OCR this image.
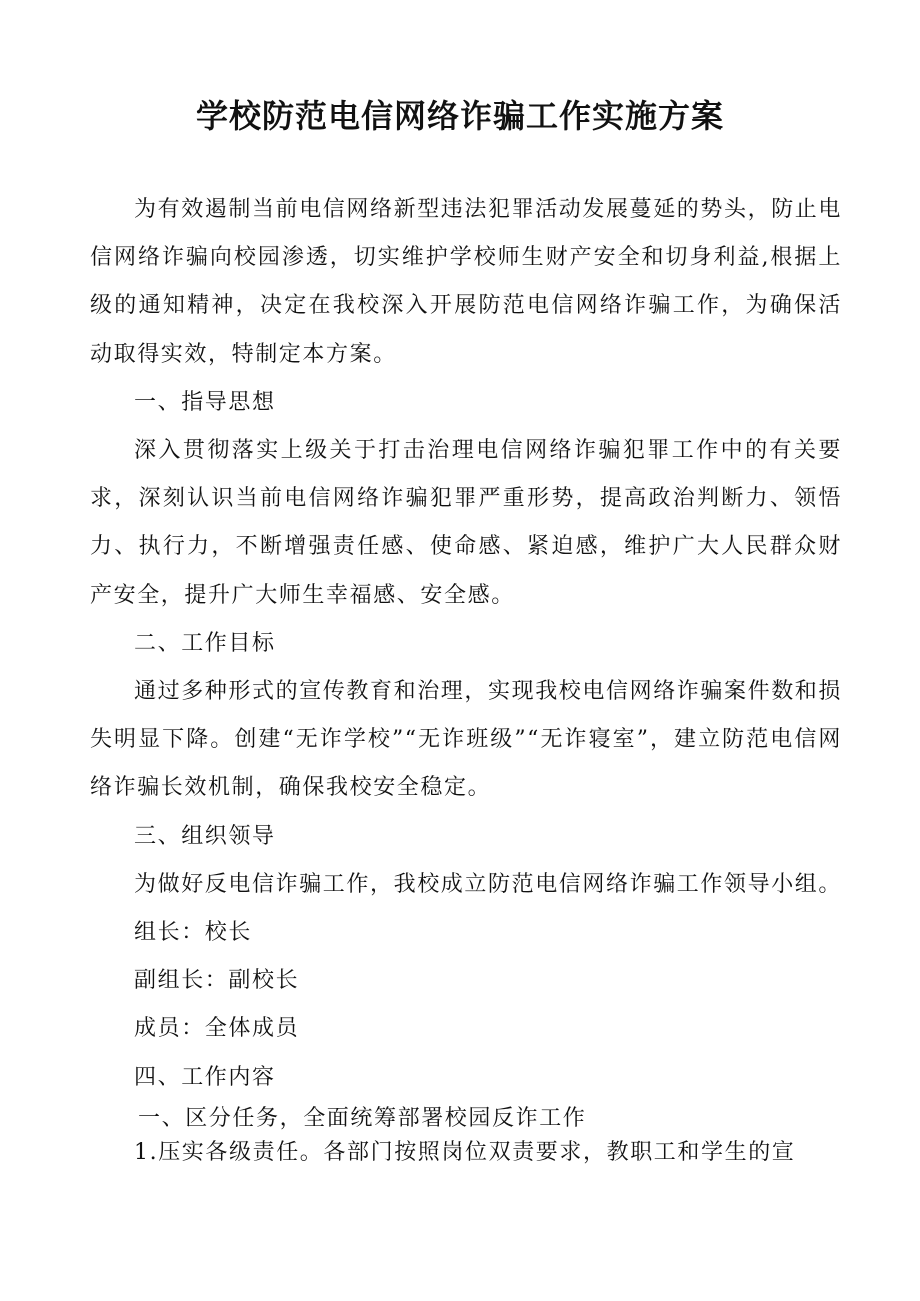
学校防范电信网络诈骗工作实施方案

为有效遏制当前电信网络新型违法犯罪活动发展蔓延的势头，防止电信网络诈骗向校园渗透，切实维护学校师生财产安全和切身利益,根据上级的通知精神，决定在我校深入开展防范电信网络诈骗工作，为确保活动取得实效，特制定本方案。

一、指导思想

深入贯彻落实上级关于打击治理电信网络诈骗犯罪工作中的有关要求，深刻认识当前电信网络诈骗犯罪严重形势，提高政治判断力、领悟力、执行力，不断增强责任感、使命感、紧迫感，维护广大人民群众财产安全，提升广大师生幸福感、安全感。

二、工作目标

通过多种形式的宣传教育和治理，实现我校电信网络诈骗案件数和损失明显下降。创建“无诈学校”“无诈班级”“无诈寝室”，建立防范电信网络诈骗长效机制，确保我校安全稳定。

三、组织领导

为做好反电信诈骗工作，我校成立防范电信网络诈骗工作领导小组。

组长：校长

副组长：副校长

成员：全体成员

四、工作内容

一、区分任务，全面统筹部署校园反诈工作

1.压实各级责任。各部门按照岗位双责要求，教职工和学生的宣
